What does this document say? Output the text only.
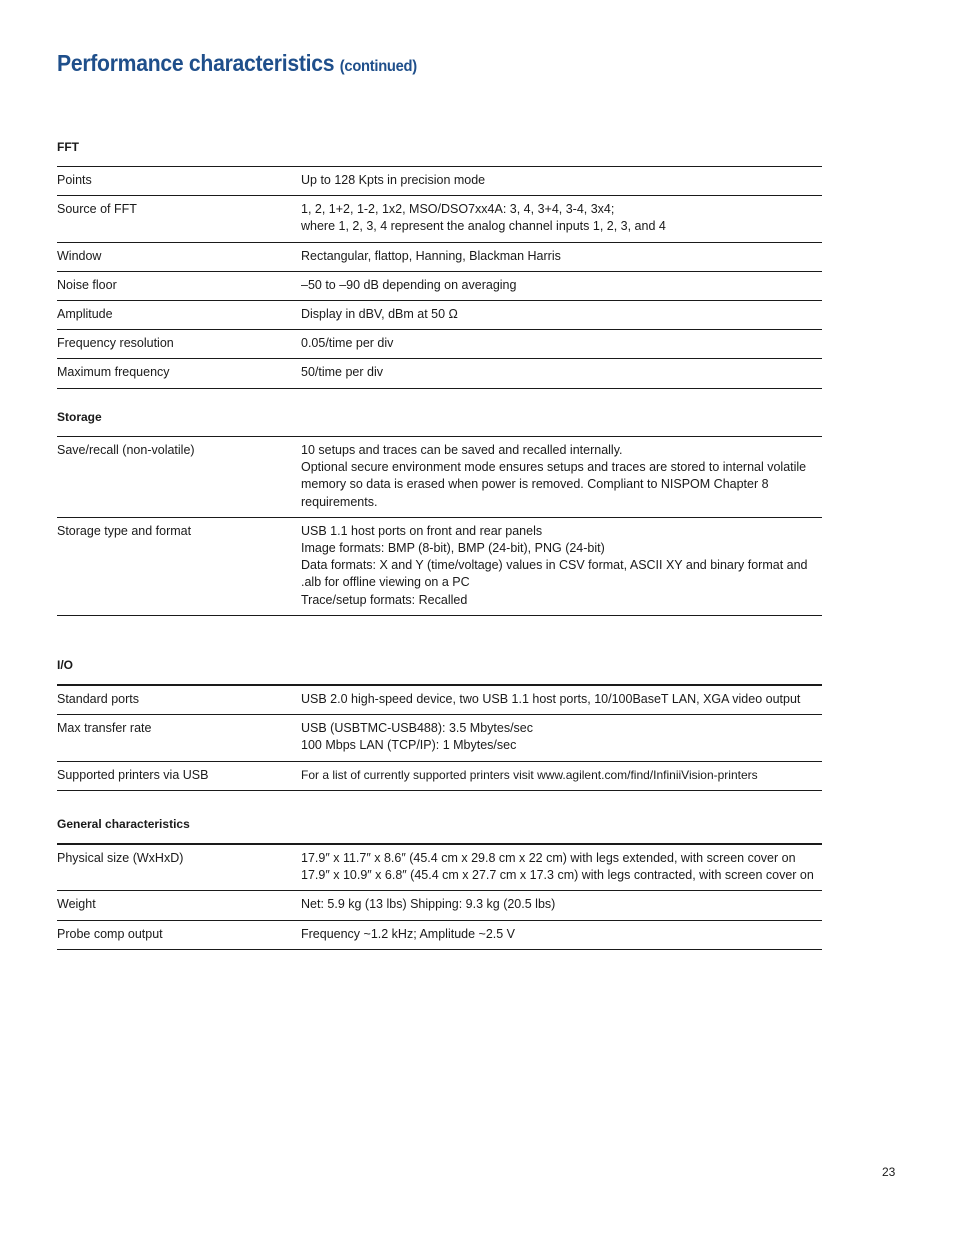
Performance characteristics (continued)
FFT
Points	Up to 128 Kpts in precision mode
Source of FFT	1, 2, 1+2, 1-2, 1x2, MSO/DSO7xx4A: 3, 4, 3+4, 3-4, 3x4;
where 1, 2, 3, 4 represent the analog channel inputs 1, 2, 3, and 4
Window	Rectangular, flattop, Hanning, Blackman Harris
Noise floor	–50 to –90 dB depending on averaging
Amplitude	Display in dBV, dBm at 50 Ω
Frequency resolution	0.05/time per div
Maximum frequency	50/time per div
Storage
Save/recall (non-volatile)	10 setups and traces can be saved and recalled internally.
Optional secure environment mode ensures setups and traces are stored to internal volatile
memory so data is erased when power is removed. Compliant to NISPOM Chapter 8
requirements.
Storage type and format	USB 1.1 host ports on front and rear panels
Image formats: BMP (8-bit), BMP (24-bit), PNG (24-bit)
Data formats: X and Y (time/voltage) values in CSV format, ASCII XY and binary format and
.alb for offline viewing on a PC
Trace/setup formats: Recalled
I/O
Standard ports	USB 2.0 high-speed device, two USB 1.1 host ports, 10/100BaseT LAN, XGA video output
Max transfer rate	USB (USBTMC-USB488): 3.5 Mbytes/sec
100 Mbps LAN (TCP/IP): 1 Mbytes/sec
Supported printers via USB	For a list of currently supported printers visit www.agilent.com/find/InfiniiVision-printers
General characteristics
Physical size (WxHxD)	17.9″ x 11.7″ x 8.6″ (45.4 cm x 29.8 cm x 22 cm) with legs extended, with screen cover on
17.9″ x 10.9″ x 6.8″ (45.4 cm x 27.7 cm x 17.3 cm) with legs contracted, with screen cover on
Weight	Net: 5.9 kg (13 lbs) Shipping: 9.3 kg (20.5 lbs)
Probe comp output	Frequency ~1.2 kHz; Amplitude ~2.5 V
23
